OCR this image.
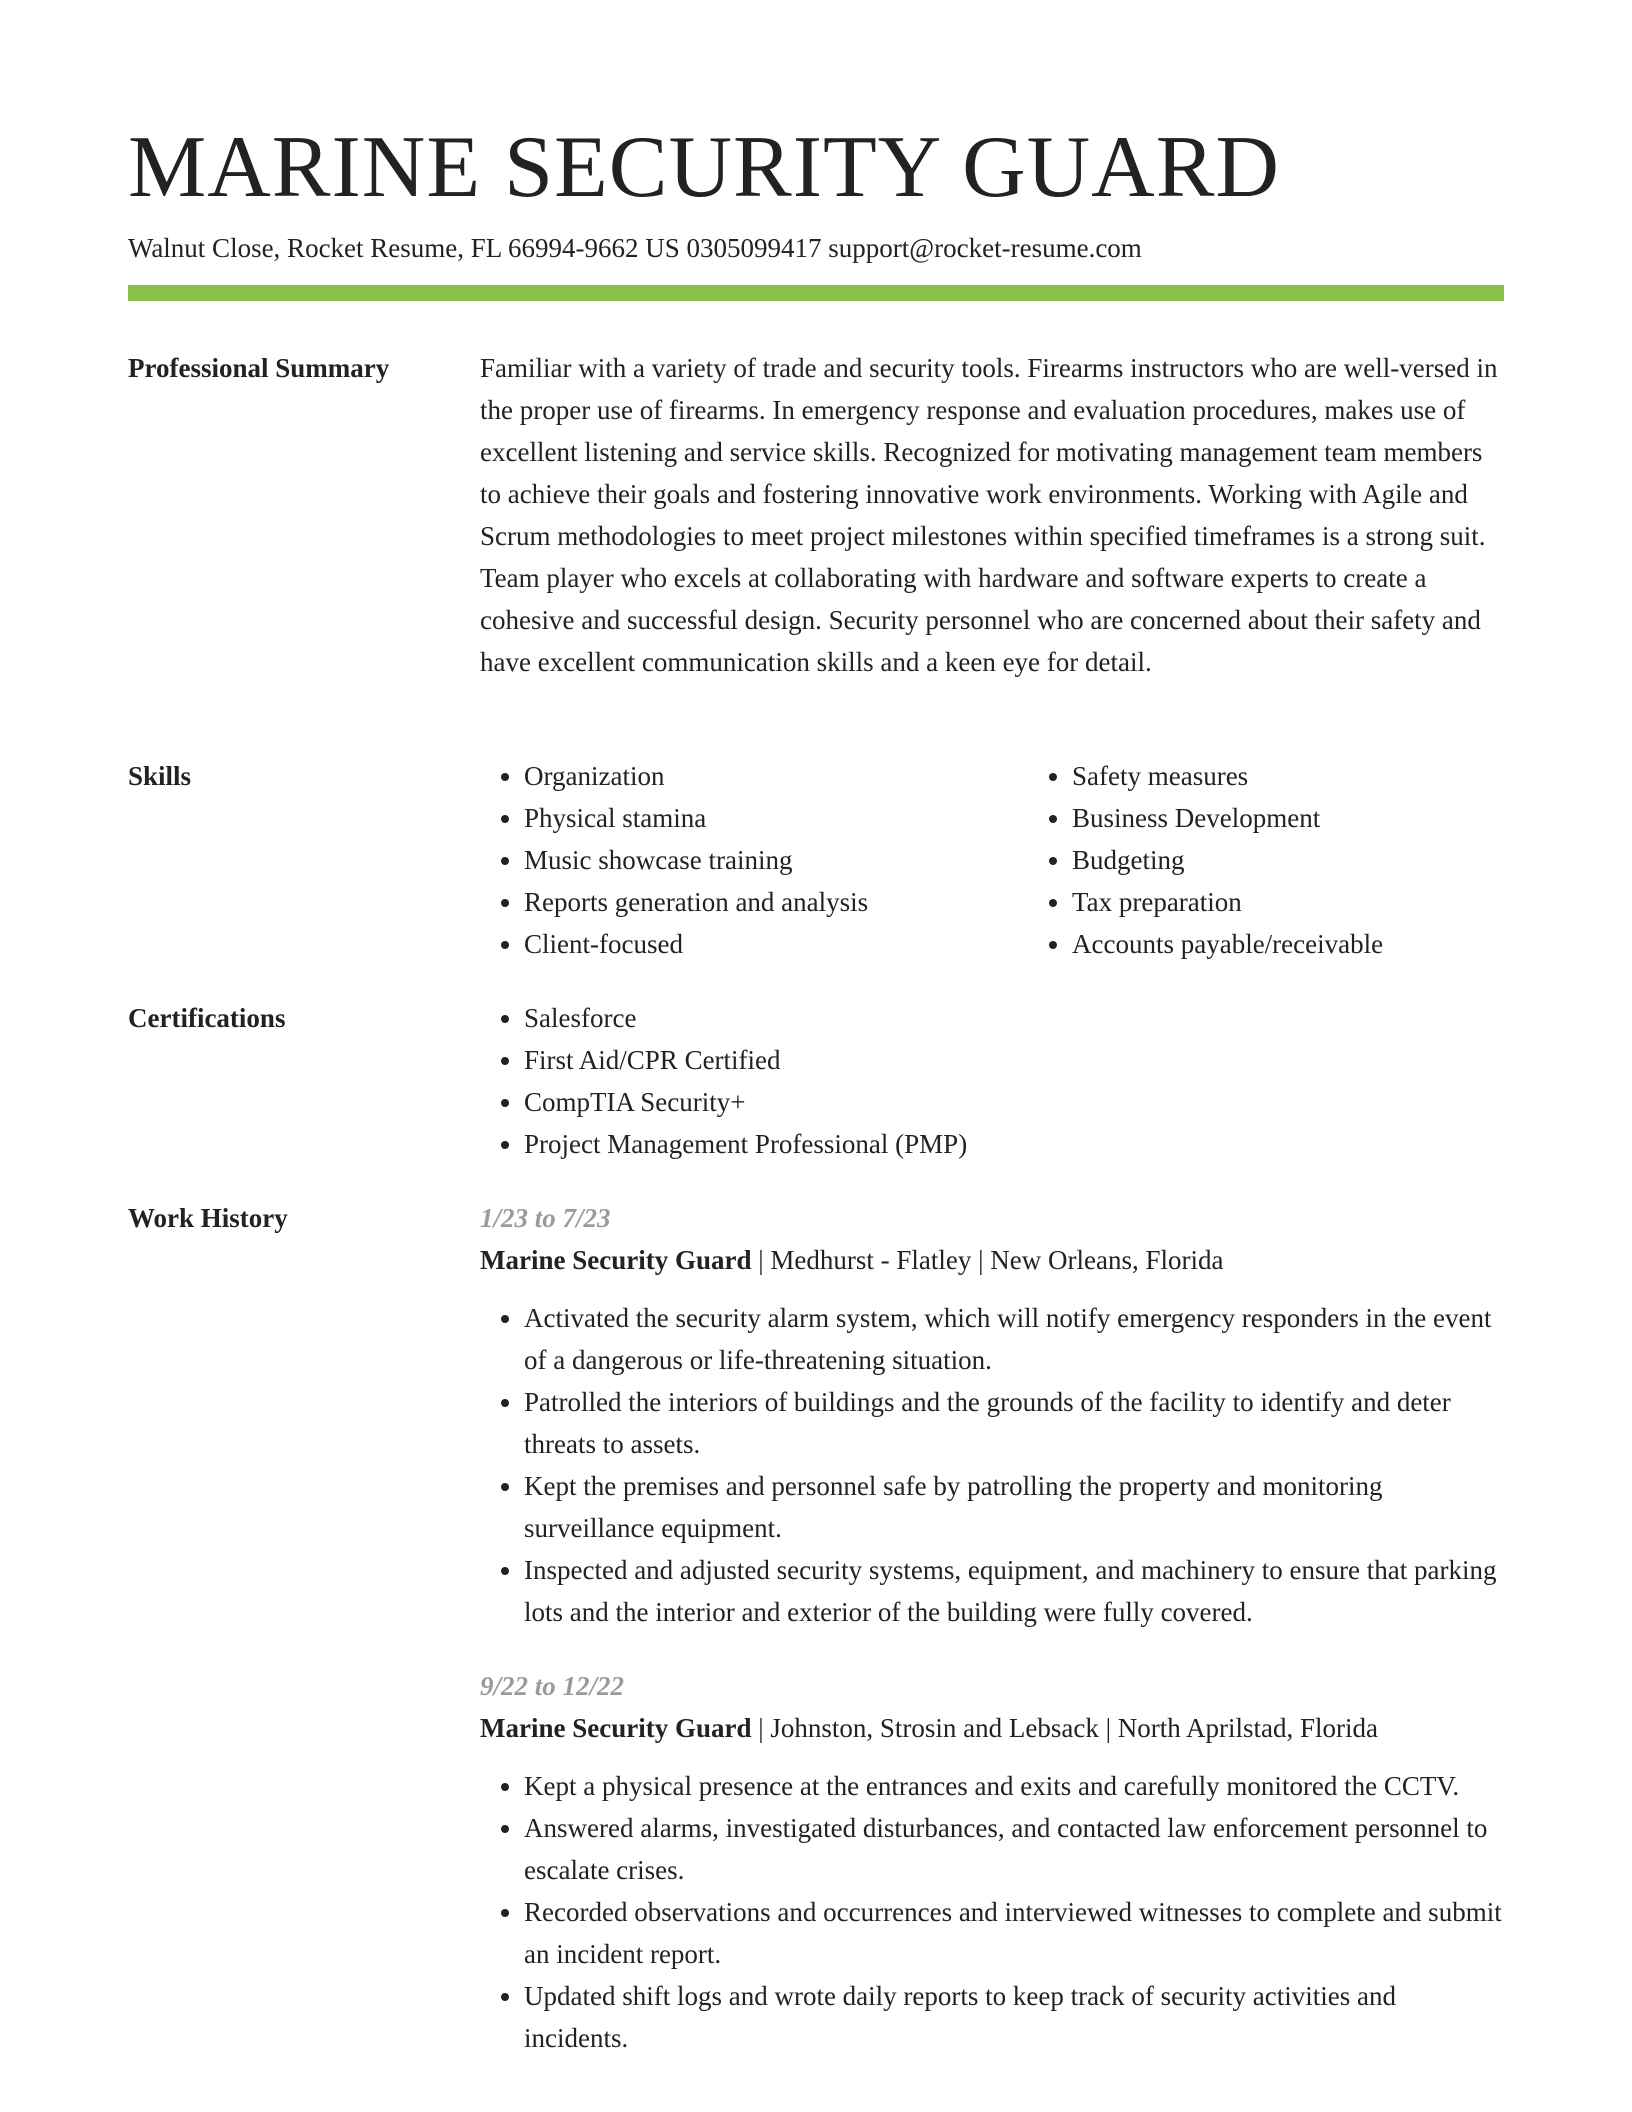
MARINE SECURITY GUARD
Walnut Close, Rocket Resume, FL 66994-9662 US 0305099417 support@rocket-resume.com
Professional Summary	Familiar with a variety of trade and security tools. Firearms instructors who are well-versed in the proper use of firearms. In emergency response and evaluation procedures, makes use of excellent listening and service skills. Recognized for motivating management team members to achieve their goals and fostering innovative work environments. Working with Agile and Scrum methodologies to meet project milestones within specified timeframes is a strong suit. Team player who excels at collaborating with hardware and software experts to create a cohesive and successful design. Security personnel who are concerned about their safety and have excellent communication skills and a keen eye for detail.

Skills	• Organization
• Physical stamina
• Music showcase training
• Reports generation and analysis
• Client-focused
• Safety measures
• Business Development
• Budgeting
• Tax preparation
• Accounts payable/receivable
Certifications	• Salesforce
• First Aid/CPR Certified
• CompTIA Security+
• Project Management Professional (PMP)
Work History	1/23 to 7/23
Marine Security Guard | Medhurst - Flatley | New Orleans, Florida
• Activated the security alarm system, which will notify emergency responders in the event of a dangerous or life-threatening situation.
• Patrolled the interiors of buildings and the grounds of the facility to identify and deter threats to assets.
• Kept the premises and personnel safe by patrolling the property and monitoring surveillance equipment.
• Inspected and adjusted security systems, equipment, and machinery to ensure that parking lots and the interior and exterior of the building were fully covered.
9/22 to 12/22
Marine Security Guard | Johnston, Strosin and Lebsack | North Aprilstad, Florida
• Kept a physical presence at the entrances and exits and carefully monitored the CCTV.
• Answered alarms, investigated disturbances, and contacted law enforcement personnel to escalate crises.
• Recorded observations and occurrences and interviewed witnesses to complete and submit an incident report.
• Updated shift logs and wrote daily reports to keep track of security activities and incidents.
